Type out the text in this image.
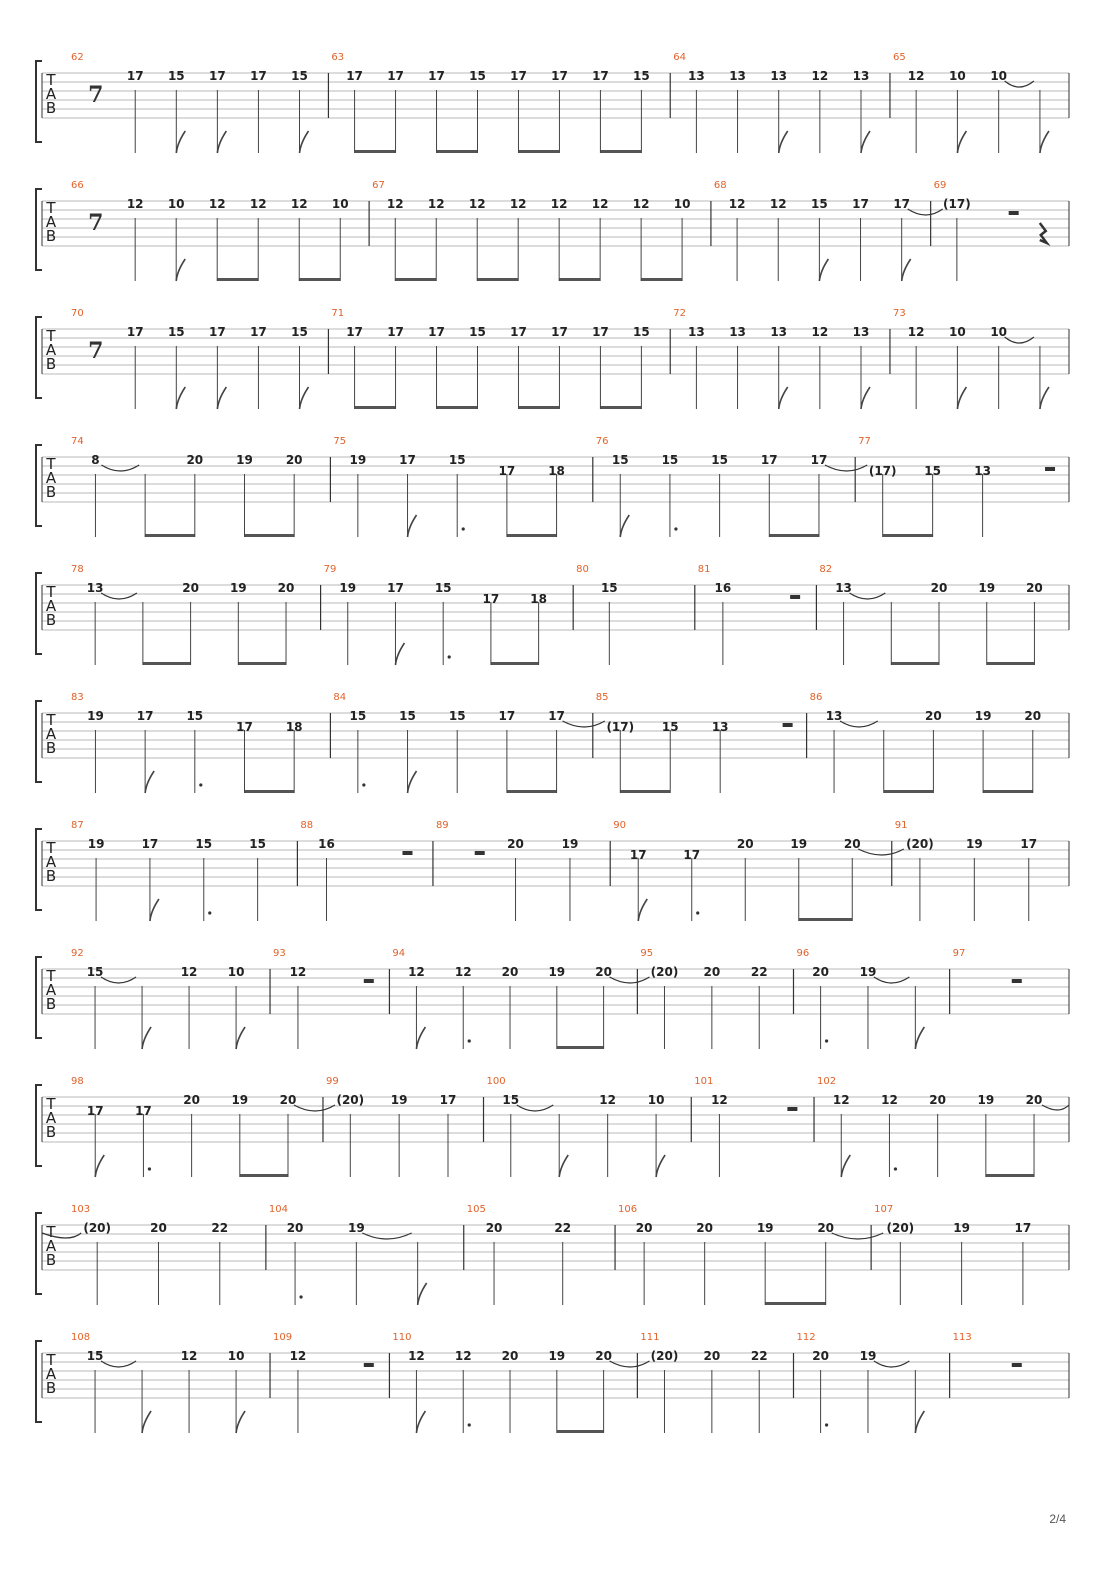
T
A
B
62
7
17 15 17 17 15
63
17 17 17 15 17 17 17 15
64
13 13 13 12 13
65
12 10 10
T
A
B
66
7
12 10 12 12 12 10
67
12 12 12 12 12 12 12 10
68
12 12 15 17 17
69
(17)
T
A
B
70
7
17 15 17 17 15
71
17 17 17 15 17 17 17 15
72
13 13 13 12 13
73
12 10 10
T
A
B
74
8	20	19	20
75
19	17	15
17	18
76
15	15	15	17	17
77
(17) 15	13
T
A
B
78
13	20	19	20
79
19	17	15
17	18
80
15
81
16
82
13	20	19	20
T
A
B
83
19	17	15
17	18
84
15	15	15	17	17
85
(17) 15	13
86
13	20	19	20
T
A
B
87
19	17	15	15
88
16
89
20	19
90
17	17
20	19	20
91
(20)	19	17
T
A
B
92
15	12	10
93
12
94
12	12	20	19	20
95
(20) 20	22
96
20	19
97
T
A
B
98
17	17
20	19	20
99
(20) 19	17
100
15	12	10
101
12
102
12	12	20	19	20
T
A
B
103
(20)	20	22
104
20	19
105
20	22
106
20	20	19	20
107
(20)	19	17
T
A
B
108
15	12	10
109
12
110
12	12	20	19	20
111
(20) 20	22
112
20	19
113
2/4
